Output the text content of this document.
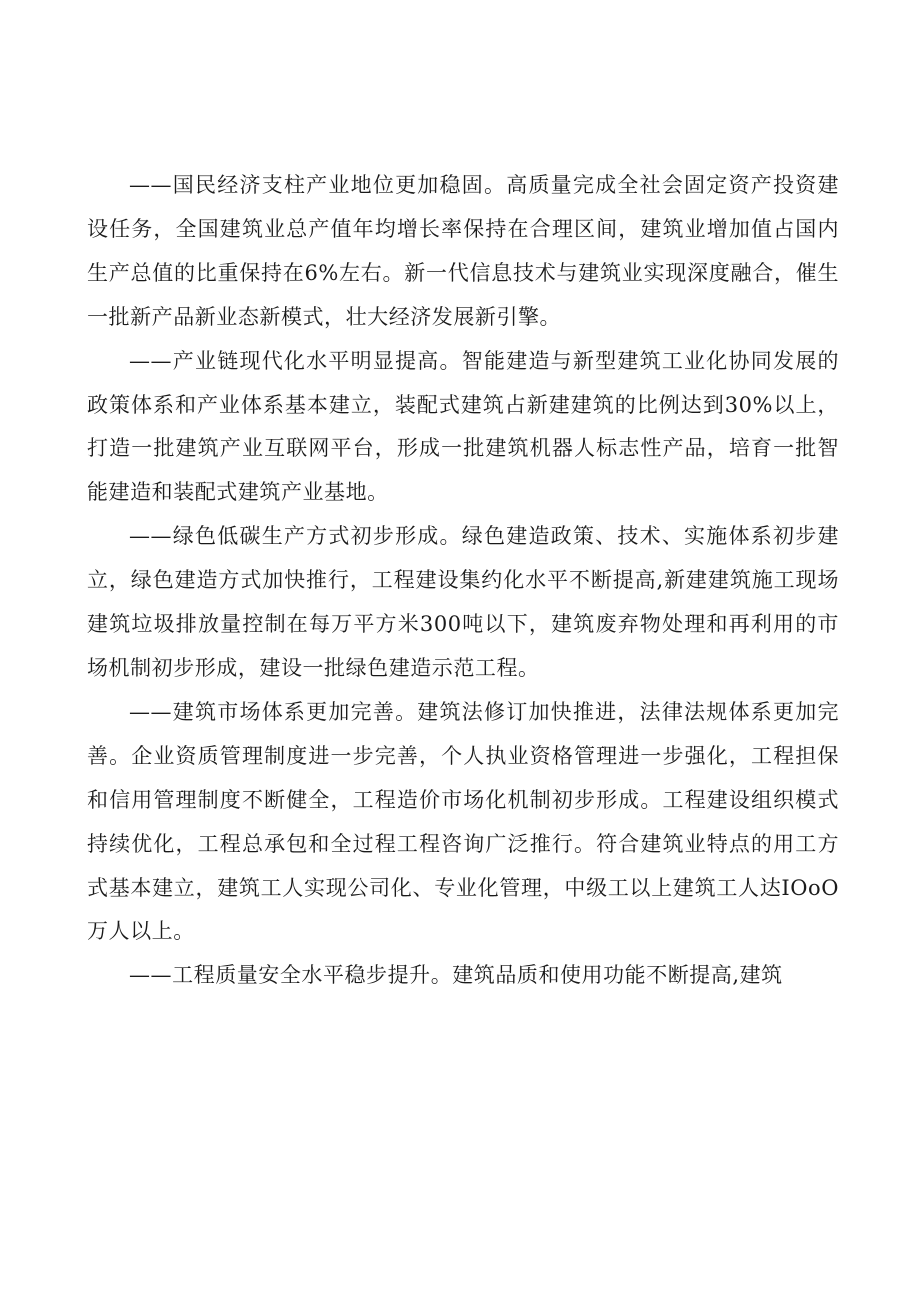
——国民经济支柱产业地位更加稳固。高质量完成全社会固定资产投资建设任务，全国建筑业总产值年均增长率保持在合理区间，建筑业增加值占国内生产总值的比重保持在6%左右。新一代信息技术与建筑业实现深度融合，催生一批新产品新业态新模式，壮大经济发展新引擎。

——产业链现代化水平明显提高。智能建造与新型建筑工业化协同发展的政策体系和产业体系基本建立，装配式建筑占新建建筑的比例达到30%以上，打造一批建筑产业互联网平台，形成一批建筑机器人标志性产品，培育一批智能建造和装配式建筑产业基地。

——绿色低碳生产方式初步形成。绿色建造政策、技术、实施体系初步建立，绿色建造方式加快推行，工程建设集约化水平不断提高,新建建筑施工现场建筑垃圾排放量控制在每万平方米300吨以下，建筑废弃物处理和再利用的市场机制初步形成，建设一批绿色建造示范工程。

——建筑市场体系更加完善。建筑法修订加快推进，法律法规体系更加完善。企业资质管理制度进一步完善，个人执业资格管理进一步强化，工程担保和信用管理制度不断健全，工程造价市场化机制初步形成。工程建设组织模式持续优化，工程总承包和全过程工程咨询广泛推行。符合建筑业特点的用工方式基本建立，建筑工人实现公司化、专业化管理，中级工以上建筑工人达IOoO万人以上。

——工程质量安全水平稳步提升。建筑品质和使用功能不断提高,建筑
